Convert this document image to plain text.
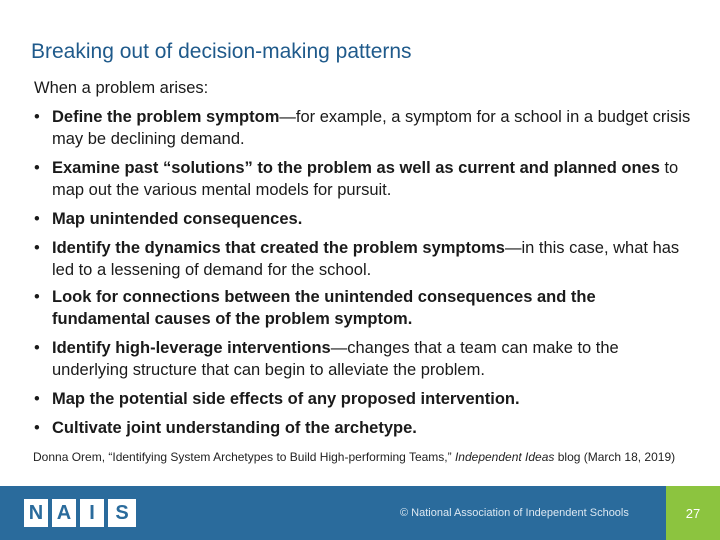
Breaking out of decision-making patterns
When a problem arises:
• Define the problem symptom—for example, a symptom for a school in a budget crisis may be declining demand.
• Examine past “solutions” to the problem as well as current and planned ones to map out the various mental models for pursuit.
• Map unintended consequences.
• Identify the dynamics that created the problem symptoms—in this case, what has led to a lessening of demand for the school.
• Look for connections between the unintended consequences and the fundamental causes of the problem symptom.
• Identify high-leverage interventions—changes that a team can make to the underlying structure that can begin to alleviate the problem.
• Map the potential side effects of any proposed intervention.
• Cultivate joint understanding of the archetype.
Donna Orem, “Identifying System Archetypes to Build High-performing Teams,” Independent Ideas blog (March 18, 2019)
N A I	S	© National Association of Independent Schools	27
